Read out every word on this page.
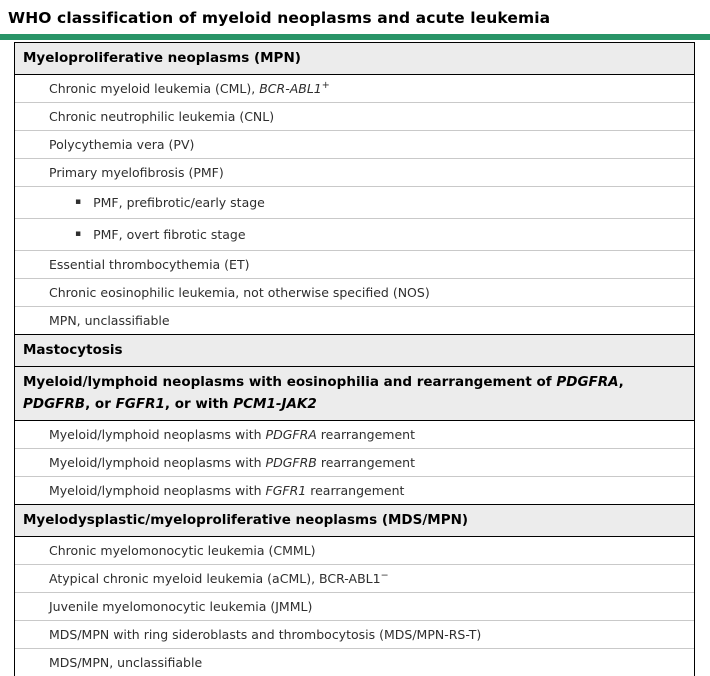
WHO classification of myeloid neoplasms and acute leukemia
Myeloproliferative neoplasms (MPN)
Chronic myeloid leukemia (CML), BCR-ABL1+
Chronic neutrophilic leukemia (CNL)
Polycythemia vera (PV)
Primary myelofibrosis (PMF)
▪ PMF, prefibrotic/early stage
▪ PMF, overt fibrotic stage
Essential thrombocythemia (ET)
Chronic eosinophilic leukemia, not otherwise specified (NOS)
MPN, unclassifiable
Mastocytosis
Myeloid/lymphoid neoplasms with eosinophilia and rearrangement of PDGFRA, PDGFRB, or FGFR1, or with PCM1-JAK2
Myeloid/lymphoid neoplasms with PDGFRA rearrangement
Myeloid/lymphoid neoplasms with PDGFRB rearrangement
Myeloid/lymphoid neoplasms with FGFR1 rearrangement
Myelodysplastic/myeloproliferative neoplasms (MDS/MPN)
Chronic myelomonocytic leukemia (CMML)
Atypical chronic myeloid leukemia (aCML), BCR-ABL1−
Juvenile myelomonocytic leukemia (JMML)
MDS/MPN with ring sideroblasts and thrombocytosis (MDS/MPN-RS-T)
MDS/MPN, unclassifiable
